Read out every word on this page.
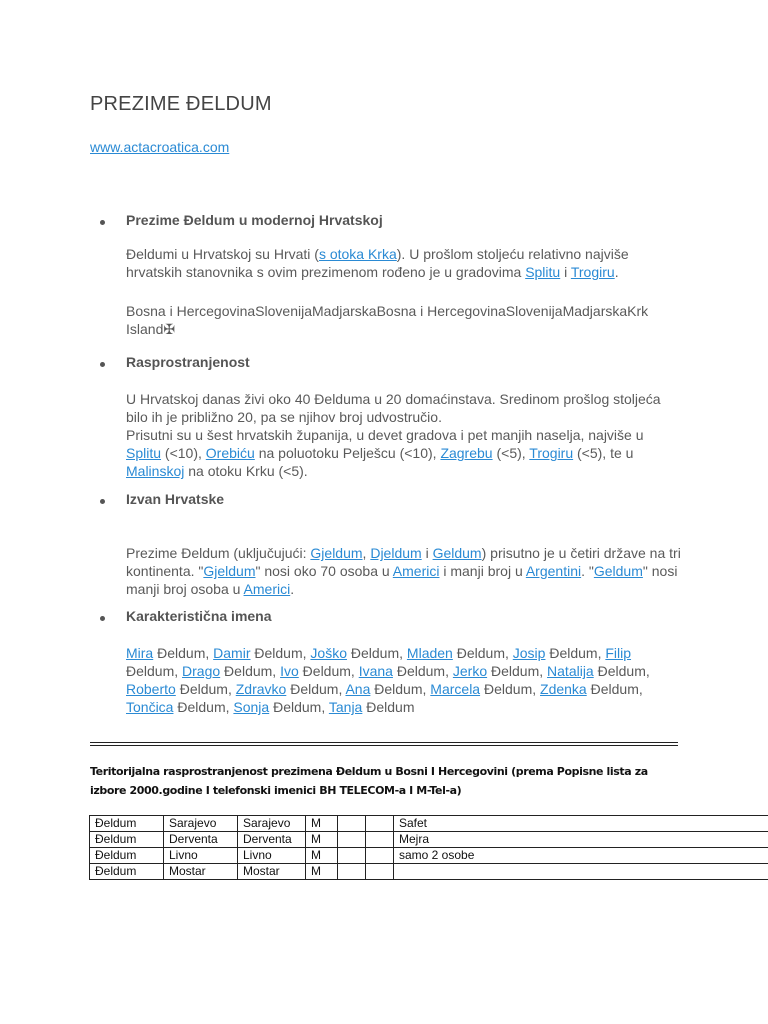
PREZIME ĐELDUM
www.actacroatica.com
Prezime Đeldum u modernoj Hrvatskoj
Đeldumi u Hrvatskoj su Hrvati (s otoka Krka). U prošlom stoljeću relativno najviše hrvatskih stanovnika s ovim prezimenom rođeno je u gradovima Splitu i Trogiru.
Bosna i HercegovinaSlovenijaMadjarskaBosna i HercegovinaSlovenijaMadjarskaKrk Island✠
Rasprostranjenost
U Hrvatskoj danas živi oko 40 Đelduma u 20 domaćinstava. Sredinom prošlog stoljeća bilo ih je približno 20, pa se njihov broj udvostručio.
Prisutni su u šest hrvatskih županija, u devet gradova i pet manjih naselja, najviše u Splitu (<10), Orebiću na poluotoku Pelješcu (<10), Zagrebu (<5), Trogiru (<5), te u Malinskoj na otoku Krku (<5).
Izvan Hrvatske
Prezime Đeldum (uključujući: Gjeldum, Djeldum i Geldum) prisutno je u četiri države na tri kontinenta. "Gjeldum" nosi oko 70 osoba u Americi i manji broj u Argentini. "Geldum" nosi manji broj osoba u Americi.
Karakteristična imena
Mira Đeldum, Damir Đeldum, Joško Đeldum, Mladen Đeldum, Josip Đeldum, Filip Đeldum, Drago Đeldum, Ivo Đeldum, Ivana Đeldum, Jerko Đeldum, Natalija Đeldum, Roberto Đeldum, Zdravko Đeldum, Ana Đeldum, Marcela Đeldum, Zdenka Đeldum, Tončica Đeldum, Sonja Đeldum, Tanja Đeldum
Teritorijalna rasprostranjenost prezimena Đeldum u Bosni I Hercegovini (prema Popisne lista za izbore 2000.godine I telefonski imenici BH TELECOM-a I M-Tel-a)
Đeldum	Sarajevo	Sarajevo	M			Safet
Đeldum	Derventa	Derventa	M			Mejra
Đeldum	Livno	Livno	M			samo 2 osobe
Đeldum	Mostar	Mostar	M			
